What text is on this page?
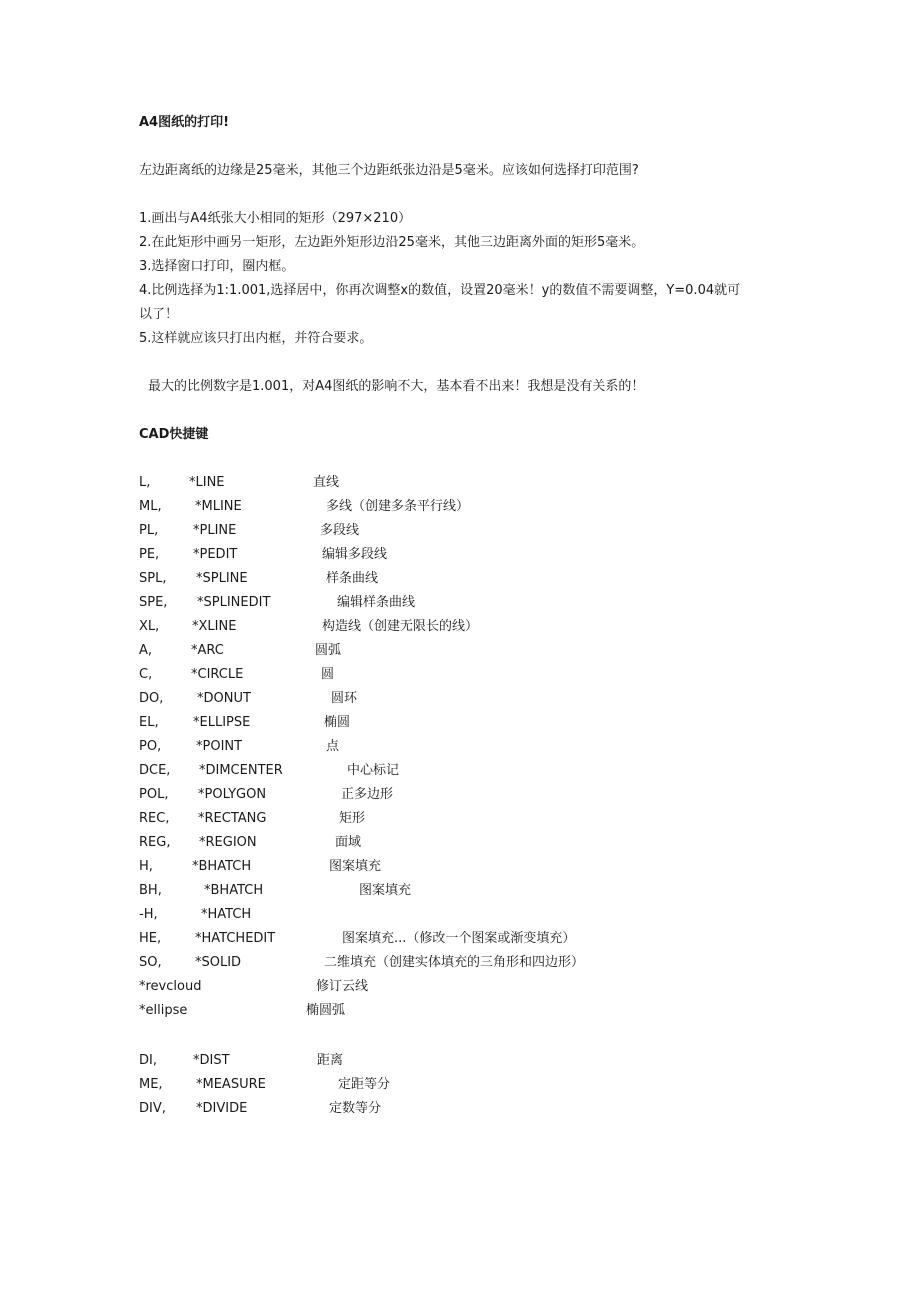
A4图纸的打印!
左边距离纸的边缘是25毫米，其他三个边距纸张边沿是5毫米。应该如何选择打印范围?
1.画出与A4纸张大小相同的矩形（297×210）
2.在此矩形中画另一矩形，左边距外矩形边沿25毫米，其他三边距离外面的矩形5毫米。
3.选择窗口打印，圈内框。
4.比例选择为1:1.001,选择居中，你再次调整x的数值，设置20毫米！y的数值不需要调整，Y=0.04就可
以了！
5.这样就应该只打出内框，并符合要求。
最大的比例数字是1.001，对A4图纸的影响不大，基本看不出来！我想是没有关系的！
CAD快捷键
L,	*LINE	直线
ML,	*MLINE	多线（创建多条平行线）
PL,	*PLINE	多段线
PE,	*PEDIT	编辑多段线
SPL, *SPLINE	样条曲线
SPE, *SPLINEDIT	编辑样条曲线
XL,	*XLINE	构造线（创建无限长的线）
A,	*ARC	圆弧
C,	*CIRCLE	圆
DO,	*DONUT	圆环
EL,	*ELLIPSE	椭圆
PO,	*POINT	点
DCE, *DIMCENTER	中心标记
POL, *POLYGON	正多边形
REC, *RECTANG	矩形
REG, *REGION	面域
H,	*BHATCH	图案填充
BH,	*BHATCH	图案填充
-H,	*HATCH
HE,	*HATCHEDIT	图案填充...（修改一个图案或渐变填充）
SO,	*SOLID	二维填充（创建实体填充的三角形和四边形）
*revcloud	修订云线
*ellipse	椭圆弧
DI,	*DIST	距离
ME,	*MEASURE	定距等分
DIV, *DIVIDE	定数等分
